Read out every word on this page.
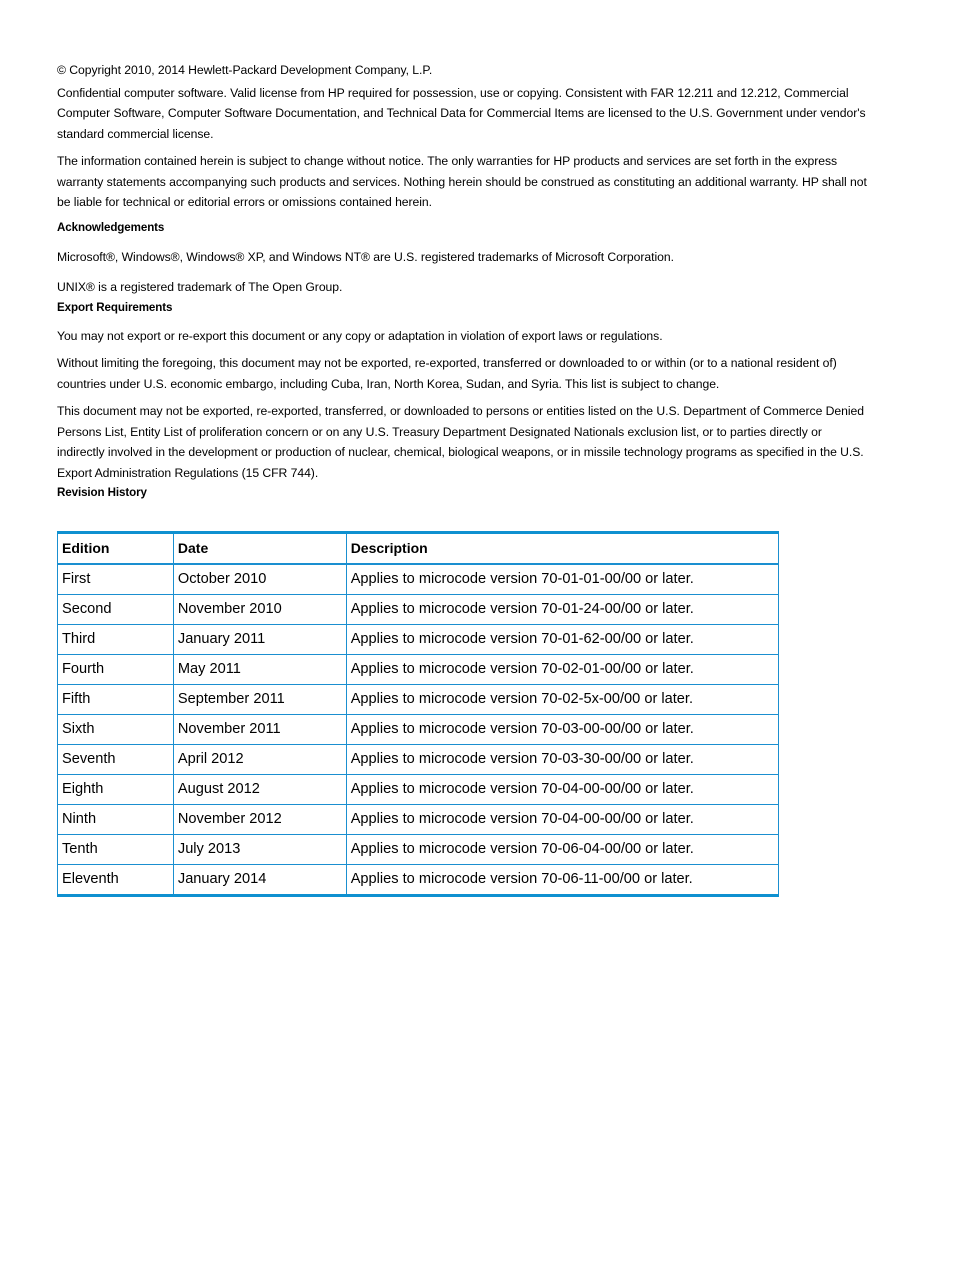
© Copyright 2010, 2014 Hewlett-Packard Development Company, L.P.

Confidential computer software. Valid license from HP required for possession, use or copying. Consistent with FAR 12.211 and 12.212, Commercial Computer Software, Computer Software Documentation, and Technical Data for Commercial Items are licensed to the U.S. Government under vendor's standard commercial license.

The information contained herein is subject to change without notice. The only warranties for HP products and services are set forth in the express warranty statements accompanying such products and services. Nothing herein should be construed as constituting an additional warranty. HP shall not be liable for technical or editorial errors or omissions contained herein.

Acknowledgements

Microsoft®, Windows®, Windows® XP, and Windows NT® are U.S. registered trademarks of Microsoft Corporation.

UNIX® is a registered trademark of The Open Group.

Export Requirements

You may not export or re-export this document or any copy or adaptation in violation of export laws or regulations.

Without limiting the foregoing, this document may not be exported, re-exported, transferred or downloaded to or within (or to a national resident of) countries under U.S. economic embargo, including Cuba, Iran, North Korea, Sudan, and Syria. This list is subject to change.

This document may not be exported, re-exported, transferred, or downloaded to persons or entities listed on the U.S. Department of Commerce Denied Persons List, Entity List of proliferation concern or on any U.S. Treasury Department Designated Nationals exclusion list, or to parties directly or indirectly involved in the development or production of nuclear, chemical, biological weapons, or in missile technology programs as specified in the U.S. Export Administration Regulations (15 CFR 744).

Revision History
Edition	Date	Description
First	October 2010	Applies to microcode version 70-01-01-00/00 or later.
Second	November 2010	Applies to microcode version 70-01-24-00/00 or later.
Third	January 2011	Applies to microcode version 70-01-62-00/00 or later.
Fourth	May 2011	Applies to microcode version 70-02-01-00/00 or later.
Fifth	September 2011	Applies to microcode version 70-02-5x-00/00 or later.
Sixth	November 2011	Applies to microcode version 70-03-00-00/00 or later.
Seventh	April 2012	Applies to microcode version 70-03-30-00/00 or later.
Eighth	August 2012	Applies to microcode version 70-04-00-00/00 or later.
Ninth	November 2012	Applies to microcode version 70-04-00-00/00 or later.
Tenth	July 2013	Applies to microcode version 70-06-04-00/00 or later.
Eleventh	January 2014	Applies to microcode version 70-06-11-00/00 or later.
